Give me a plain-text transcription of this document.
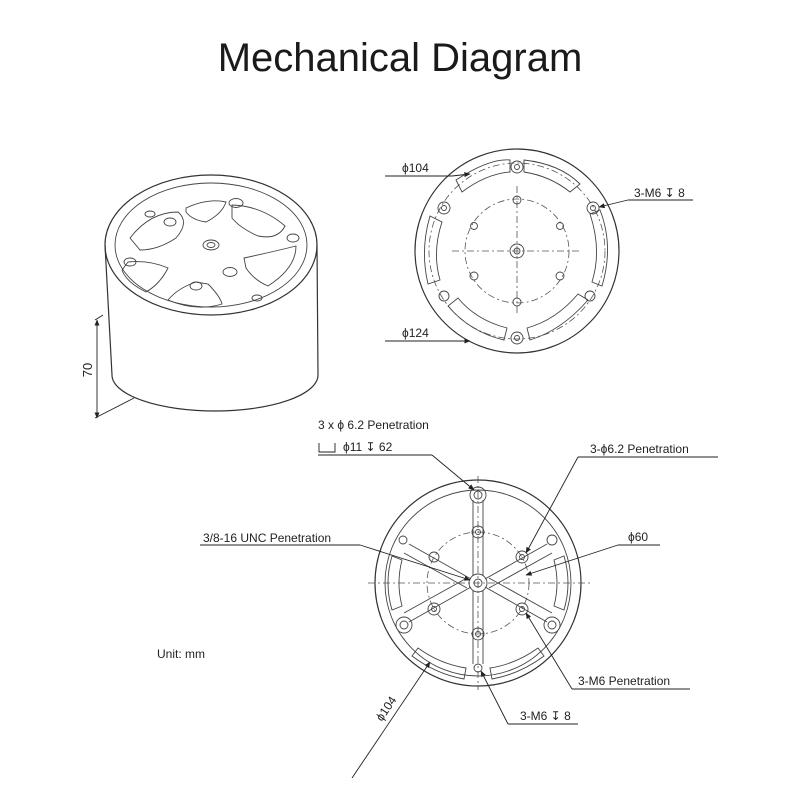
Mechanical Diagram
70
ϕ104
ϕ124
3-M6 ↧ 8
3 x ϕ 6.2 Penetration
ϕ11 ↧ 62	3-ϕ6.2 Penetration
3/8-16 UNC Penetration	ϕ60
3-M6 Penetration
3-M6 ↧ 8
ϕ104
Unit: mm
